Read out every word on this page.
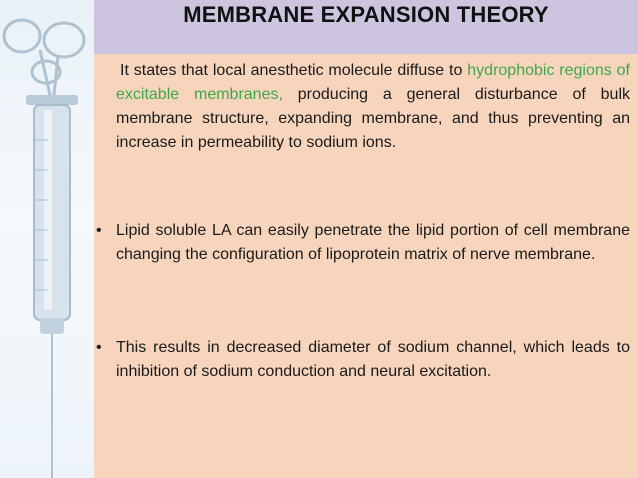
MEMBRANE EXPANSION THEORY

It states that local anesthetic molecule diffuse to hydrophobic regions of excitable membranes, producing a general disturbance of bulk membrane structure, expanding membrane, and thus preventing an increase in permeability to sodium ions.

• Lipid soluble LA can easily penetrate the lipid portion of cell membrane changing the configuration of lipoprotein matrix of nerve membrane.

• This results in decreased diameter of sodium channel, which leads to inhibition of sodium conduction and neural excitation.
